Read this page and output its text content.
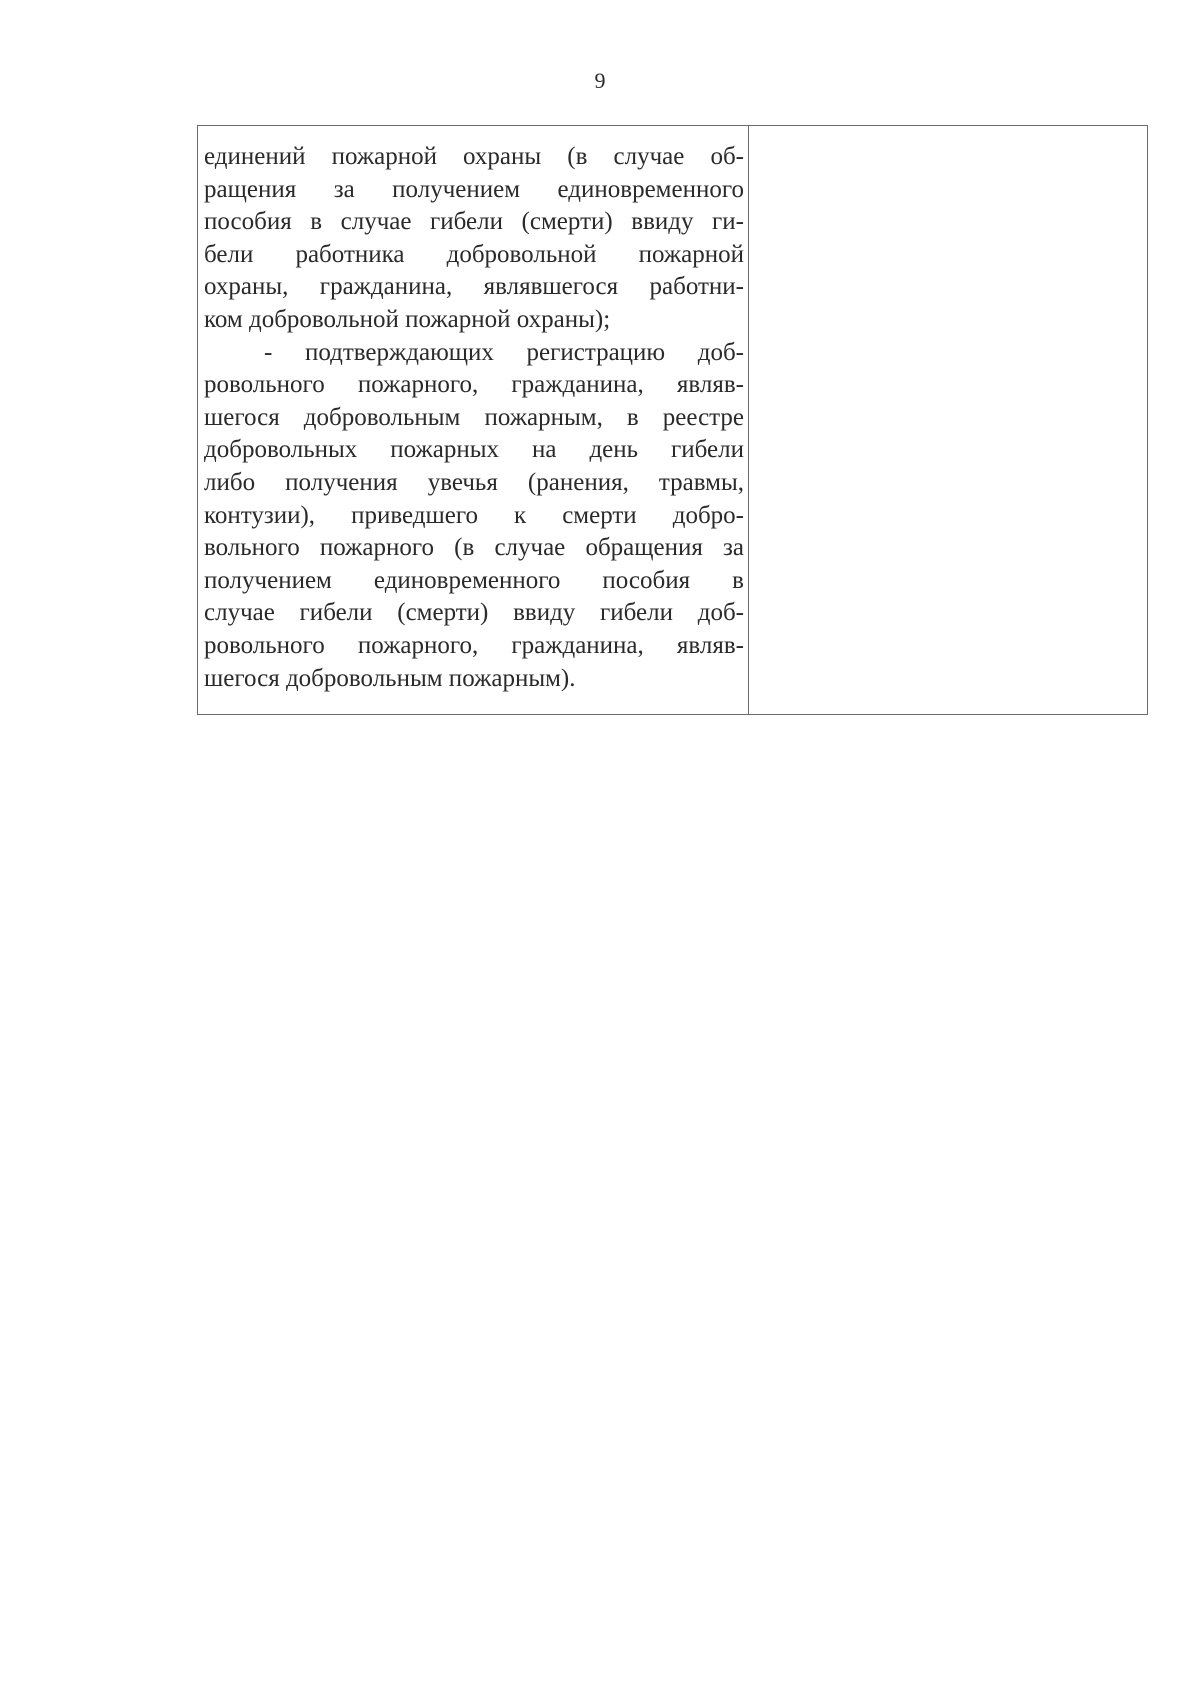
9
единений пожарной охраны (в случае об-
ращения за получением единовременного
пособия в случае гибели (смерти) ввиду ги-
бели работника добровольной пожарной
охраны, гражданина, являвшегося работни-
ком добровольной пожарной охраны);
- подтверждающих регистрацию доб-
ровольного пожарного, гражданина, являв-
шегося добровольным пожарным, в реестре
добровольных пожарных на день гибели
либо получения увечья (ранения, травмы,
контузии), приведшего к смерти добро-
вольного пожарного (в случае обращения за
получением единовременного пособия в
случае гибели (смерти) ввиду гибели доб-
ровольного пожарного, гражданина, являв-
шегося добровольным пожарным).
